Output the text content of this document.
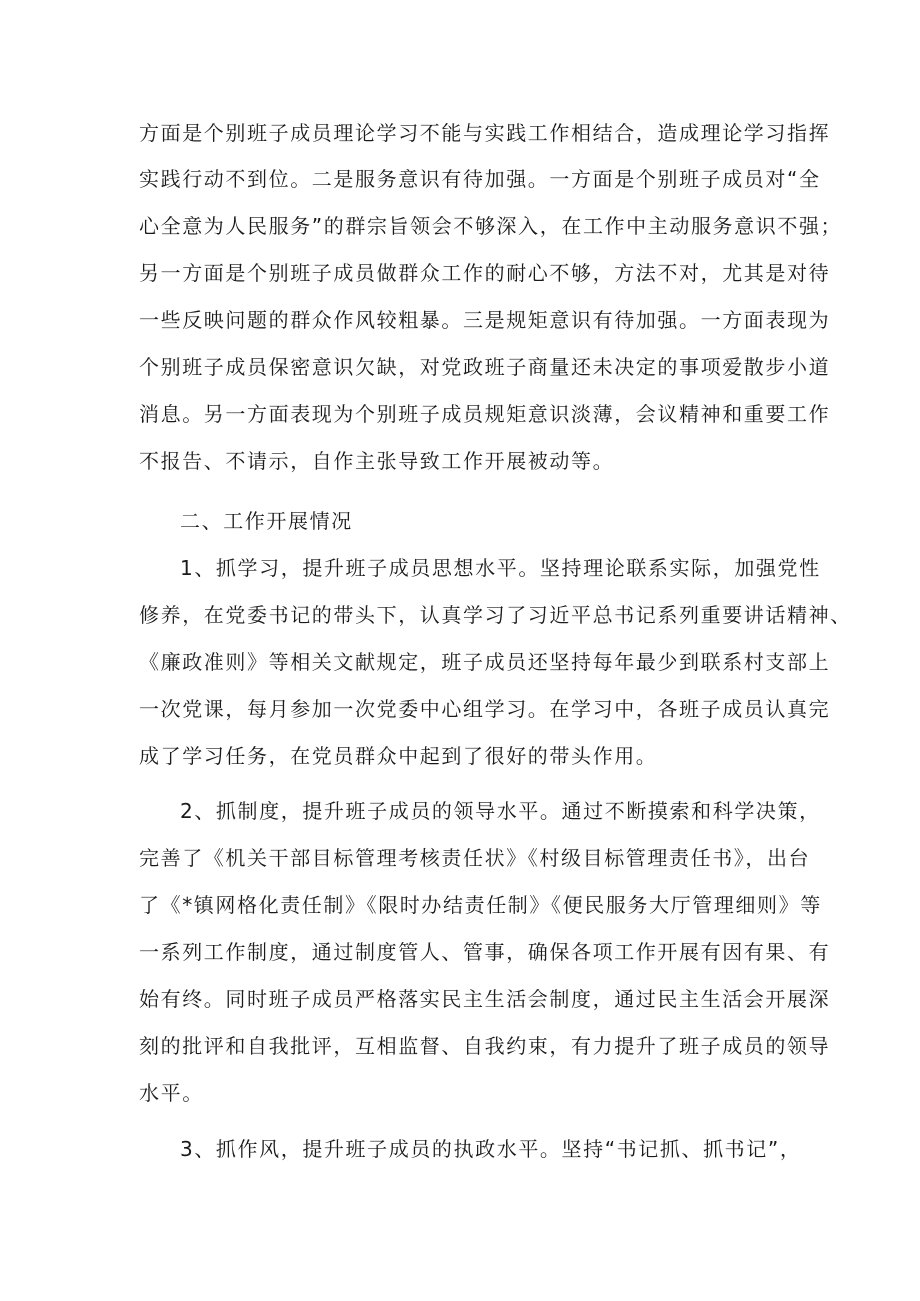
方面是个别班子成员理论学习不能与实践工作相结合，造成理论学习指挥
实践行动不到位。二是服务意识有待加强。一方面是个别班子成员对“全
心全意为人民服务”的群宗旨领会不够深入，在工作中主动服务意识不强；
另一方面是个别班子成员做群众工作的耐心不够，方法不对，尤其是对待
一些反映问题的群众作风较粗暴。三是规矩意识有待加强。一方面表现为
个别班子成员保密意识欠缺，对党政班子商量还未决定的事项爱散步小道
消息。另一方面表现为个别班子成员规矩意识淡薄，会议精神和重要工作
不报告、不请示，自作主张导致工作开展被动等。
二、工作开展情况
1、抓学习，提升班子成员思想水平。坚持理论联系实际，加强党性
修养，在党委书记的带头下，认真学习了习近平总书记系列重要讲话精神、
《廉政准则》等相关文献规定，班子成员还坚持每年最少到联系村支部上
一次党课，每月参加一次党委中心组学习。在学习中，各班子成员认真完
成了学习任务，在党员群众中起到了很好的带头作用。
2、抓制度，提升班子成员的领导水平。通过不断摸索和科学决策，
完善了《机关干部目标管理考核责任状》《村级目标管理责任书》，出台
了《*镇网格化责任制》《限时办结责任制》《便民服务大厅管理细则》等
一系列工作制度，通过制度管人、管事，确保各项工作开展有因有果、有
始有终。同时班子成员严格落实民主生活会制度，通过民主生活会开展深
刻的批评和自我批评，互相监督、自我约束，有力提升了班子成员的领导
水平。
3、抓作风，提升班子成员的执政水平。坚持“书记抓、抓书记”，
